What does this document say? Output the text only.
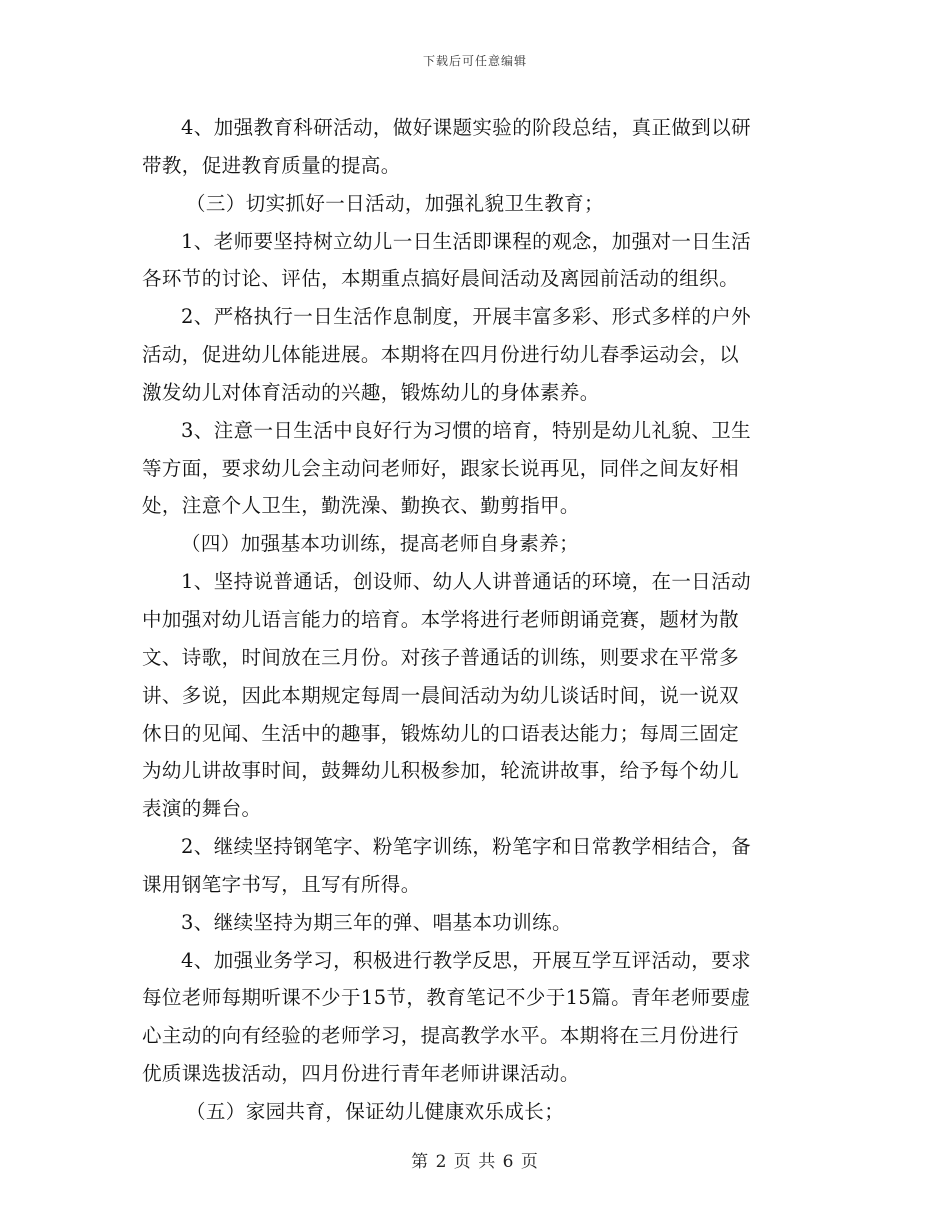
下载后可任意编辑
4、加强教育科研活动，做好课题实验的阶段总结，真正做到以研
带教，促进教育质量的提高。
（三）切实抓好一日活动，加强礼貌卫生教育；
1、老师要坚持树立幼儿一日生活即课程的观念，加强对一日生活
各环节的讨论、评估，本期重点搞好晨间活动及离园前活动的组织。
2、严格执行一日生活作息制度，开展丰富多彩、形式多样的户外
活动，促进幼儿体能进展。本期将在四月份进行幼儿春季运动会，以
激发幼儿对体育活动的兴趣，锻炼幼儿的身体素养。
3、注意一日生活中良好行为习惯的培育，特别是幼儿礼貌、卫生
等方面，要求幼儿会主动问老师好，跟家长说再见，同伴之间友好相
处，注意个人卫生，勤洗澡、勤换衣、勤剪指甲。
（四）加强基本功训练，提高老师自身素养；
1、坚持说普通话，创设师、幼人人讲普通话的环境，在一日活动
中加强对幼儿语言能力的培育。本学将进行老师朗诵竞赛，题材为散
文、诗歌，时间放在三月份。对孩子普通话的训练，则要求在平常多
讲、多说，因此本期规定每周一晨间活动为幼儿谈话时间，说一说双
休日的见闻、生活中的趣事，锻炼幼儿的口语表达能力；每周三固定
为幼儿讲故事时间，鼓舞幼儿积极参加，轮流讲故事，给予每个幼儿
表演的舞台。
2、继续坚持钢笔字、粉笔字训练，粉笔字和日常教学相结合，备
课用钢笔字书写，且写有所得。
3、继续坚持为期三年的弹、唱基本功训练。
4、加强业务学习，积极进行教学反思，开展互学互评活动，要求
每位老师每期听课不少于15节，教育笔记不少于15篇。青年老师要虚
心主动的向有经验的老师学习，提高教学水平。本期将在三月份进行
优质课选拔活动，四月份进行青年老师讲课活动。
（五）家园共育，保证幼儿健康欢乐成长；
第 2 页 共 6 页
